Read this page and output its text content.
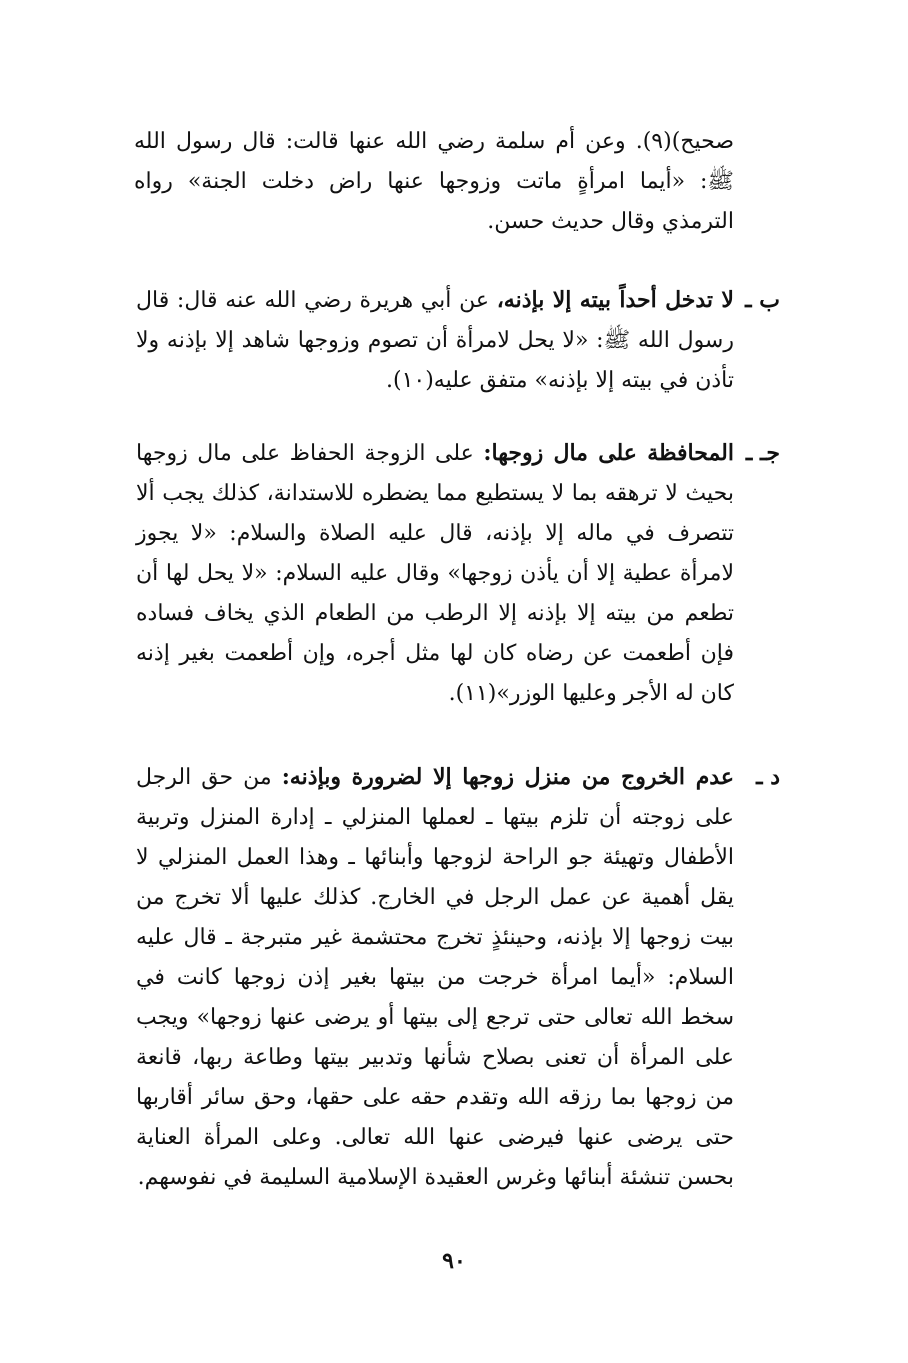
صحيح)(٩). وعن أم سلمة رضي الله عنها قالت: قال رسول الله ﷺ: «أيما امرأةٍ ماتت وزوجها عنها راض دخلت الجنة» رواه الترمذي وقال حديث حسن.
ب ـ
لا تدخل أحداً بيته إلا بإذنه، عن أبي هريرة رضي الله عنه قال: قال رسول الله ﷺ: «لا يحل لامرأة أن تصوم وزوجها شاهد إلا بإذنه ولا تأذن في بيته إلا بإذنه» متفق عليه(١٠).
جـ ـ
المحافظة على مال زوجها: على الزوجة الحفاظ على مال زوجها بحيث لا ترهقه بما لا يستطيع مما يضطره للاستدانة، كذلك يجب ألا تتصرف في ماله إلا بإذنه، قال عليه الصلاة والسلام: «لا يجوز لامرأة عطية إلا أن يأذن زوجها» وقال عليه السلام: «لا يحل لها أن تطعم من بيته إلا بإذنه إلا الرطب من الطعام الذي يخاف فساده فإن أطعمت عن رضاه كان لها مثل أجره، وإن أطعمت بغير إذنه كان له الأجر وعليها الوزر»(١١).
د ـ
عدم الخروج من منزل زوجها إلا لضرورة وبإذنه: من حق الرجل على زوجته أن تلزم بيتها ـ لعملها المنزلي ـ إدارة المنزل وتربية الأطفال وتهيئة جو الراحة لزوجها وأبنائها ـ وهذا العمل المنزلي لا يقل أهمية عن عمل الرجل في الخارج. كذلك عليها ألا تخرج من بيت زوجها إلا بإذنه، وحينئذٍ تخرج محتشمة غير متبرجة ـ قال عليه السلام: «أيما امرأة خرجت من بيتها بغير إذن زوجها كانت في سخط الله تعالى حتى ترجع إلى بيتها أو يرضى عنها زوجها» ويجب على المرأة أن تعنى بصلاح شأنها وتدبير بيتها وطاعة ربها، قانعة من زوجها بما رزقه الله وتقدم حقه على حقها، وحق سائر أقاربها حتى يرضى عنها فيرضى عنها الله تعالى. وعلى المرأة العناية بحسن تنشئة أبنائها وغرس العقيدة الإسلامية السليمة في نفوسهم.
٩٠
